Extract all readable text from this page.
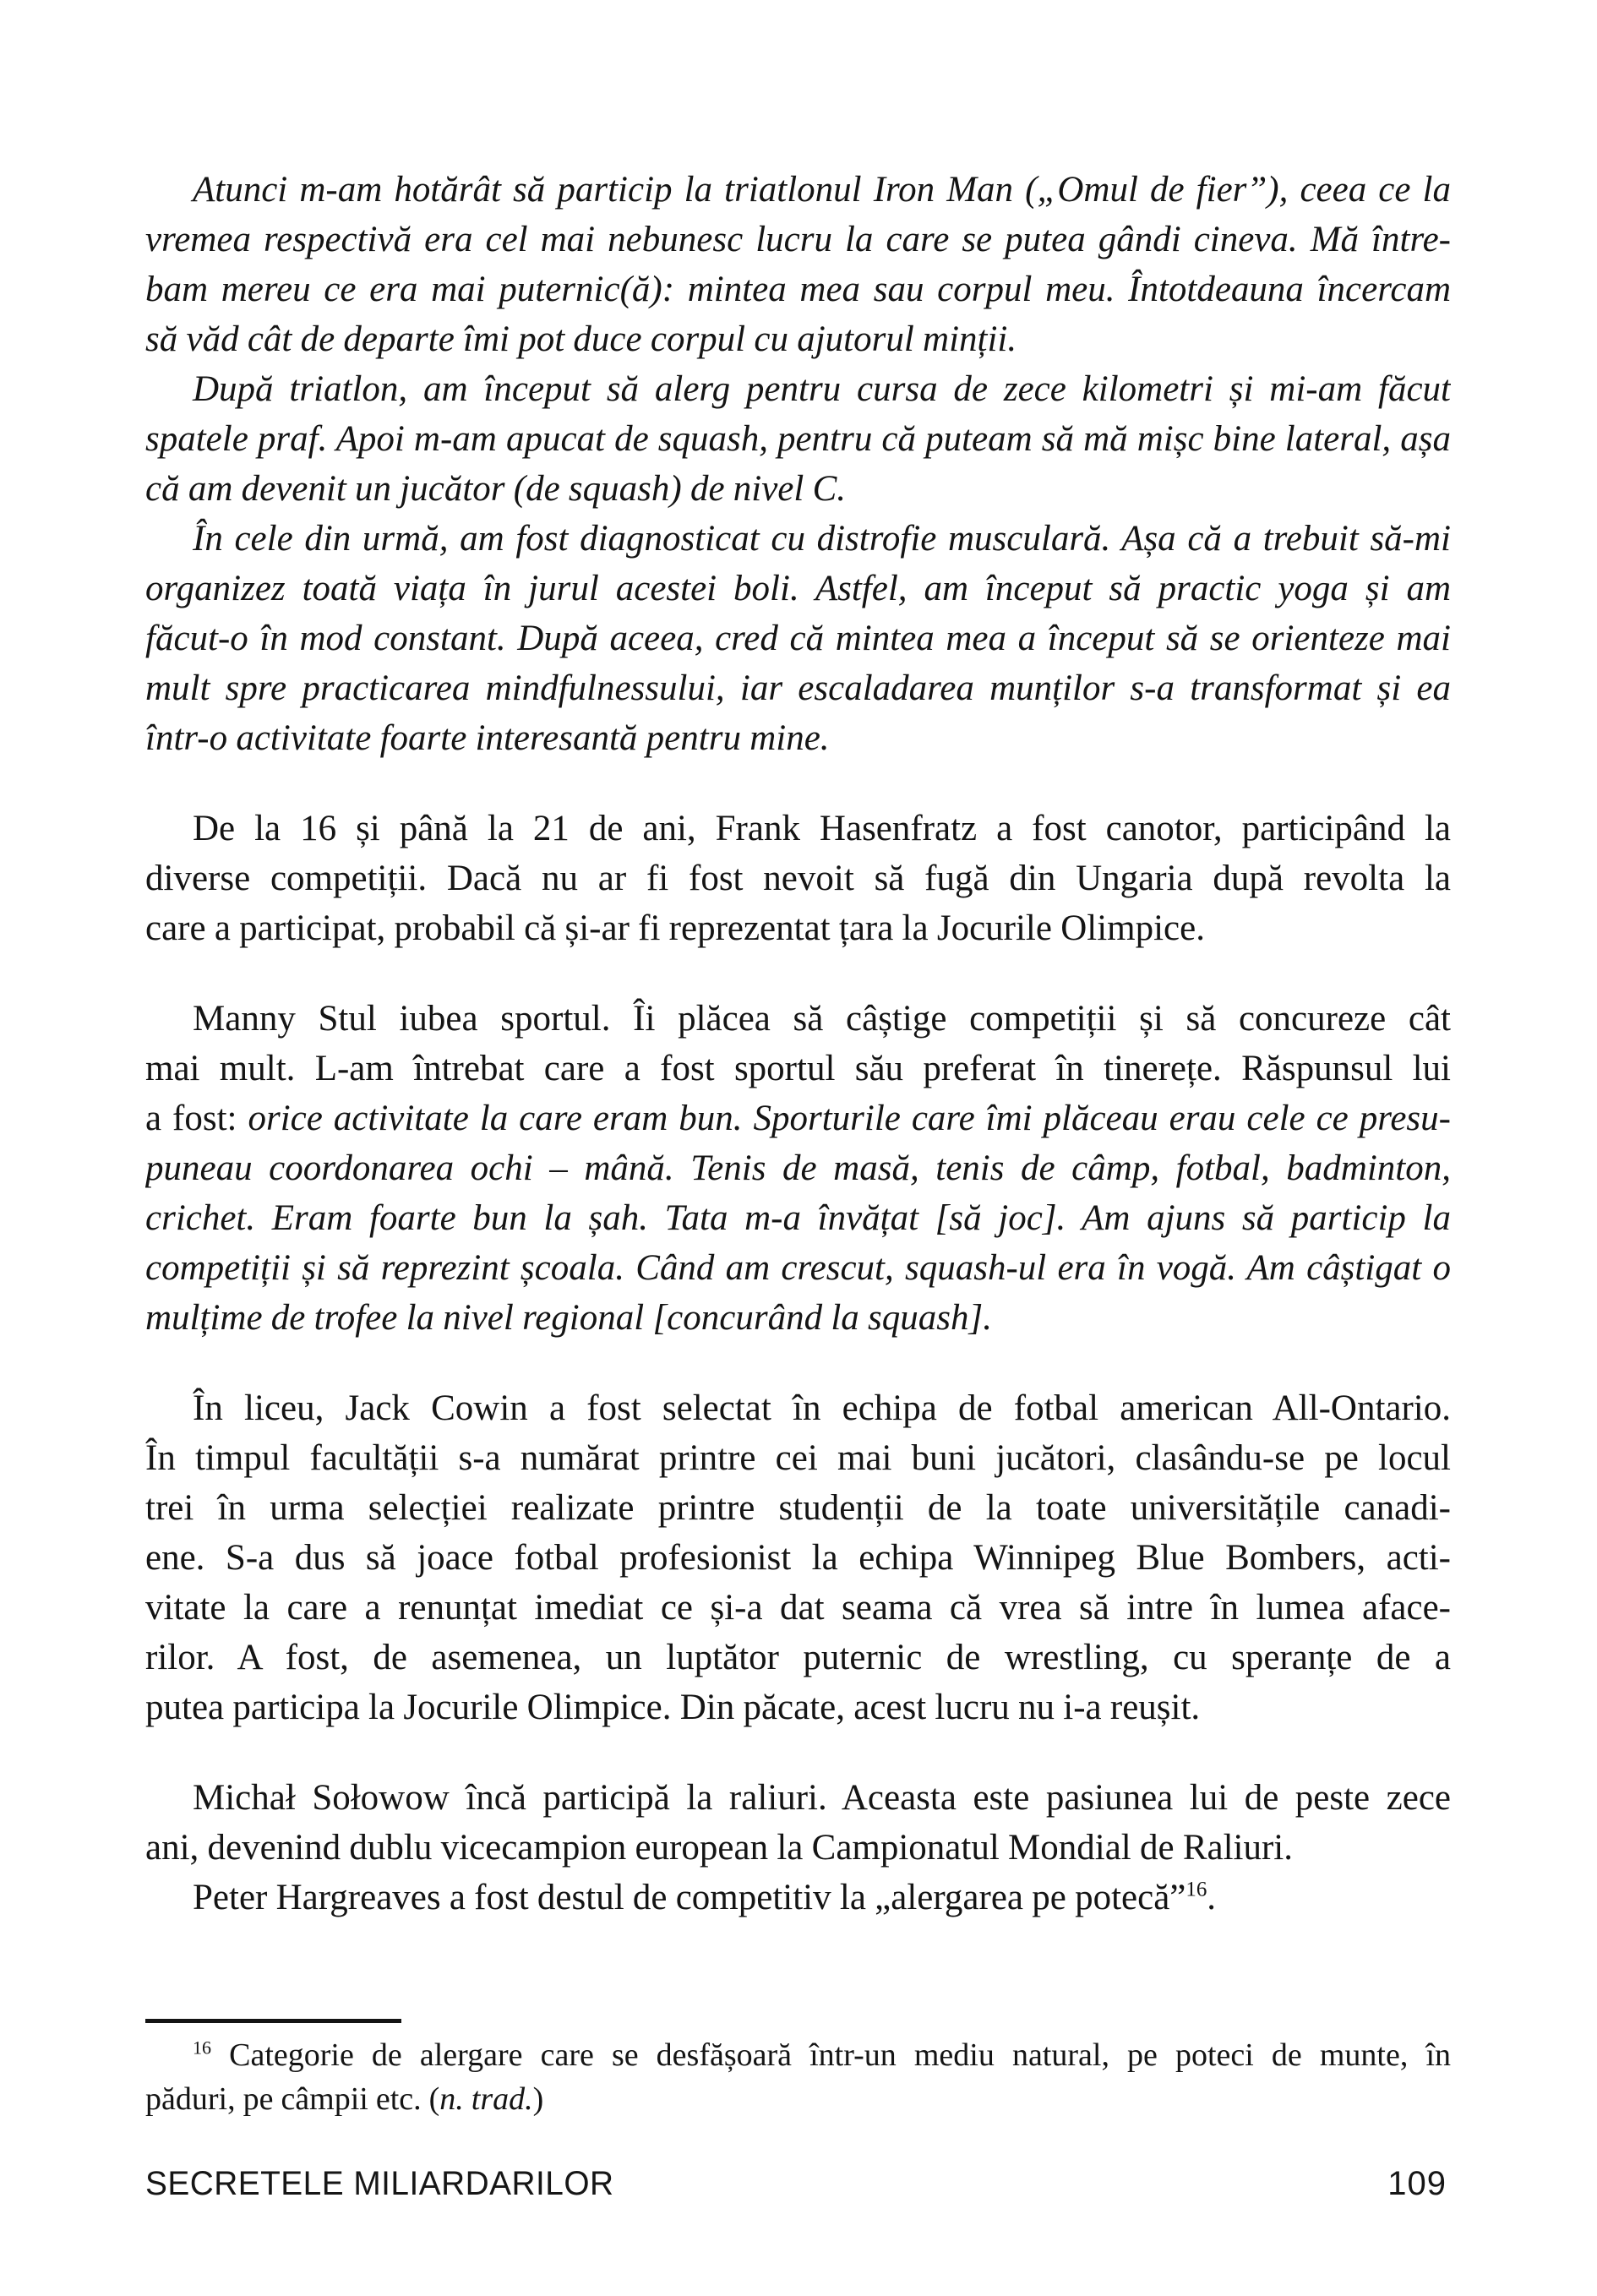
Atunci m-am hotărât să particip la triatlonul Iron Man („Omul de fier”), ceea ce la
vremea respectivă era cel mai nebunesc lucru la care se putea gândi cineva. Mă între-
bam mereu ce era mai puternic(ă): mintea mea sau corpul meu. Întotdeauna încercam
să văd cât de departe îmi pot duce corpul cu ajutorul minții.
După triatlon, am început să alerg pentru cursa de zece kilometri și mi-am făcut
spatele praf. Apoi m-am apucat de squash, pentru că puteam să mă mișc bine lateral, așa
că am devenit un jucător (de squash) de nivel C.
În cele din urmă, am fost diagnosticat cu distrofie musculară. Așa că a trebuit să-mi
organizez toată viața în jurul acestei boli. Astfel, am început să practic yoga și am
făcut-o în mod constant. După aceea, cred că mintea mea a început să se orienteze mai
mult spre practicarea mindfulnessului, iar escaladarea munților s-a transformat și ea
într-o activitate foarte interesantă pentru mine.
De la 16 și până la 21 de ani, Frank Hasenfratz a fost canotor, participând la
diverse competiții. Dacă nu ar fi fost nevoit să fugă din Ungaria după revolta la
care a participat, probabil că și-ar fi reprezentat țara la Jocurile Olimpice.
Manny Stul iubea sportul. Îi plăcea să câștige competiții și să concureze cât
mai mult. L-am întrebat care a fost sportul său preferat în tinerețe. Răspunsul lui
a fost: orice activitate la care eram bun. Sporturile care îmi plăceau erau cele ce presu-
puneau coordonarea ochi – mână. Tenis de masă, tenis de câmp, fotbal, badminton,
crichet. Eram foarte bun la șah. Tata m-a învățat [să joc]. Am ajuns să particip la
competiții și să reprezint școala. Când am crescut, squash-ul era în vogă. Am câștigat o
mulțime de trofee la nivel regional [concurând la squash].
În liceu, Jack Cowin a fost selectat în echipa de fotbal american All-Ontario.
În timpul facultății s-a numărat printre cei mai buni jucători, clasându-se pe locul
trei în urma selecției realizate printre studenții de la toate universitățile canadi-
ene. S-a dus să joace fotbal profesionist la echipa Winnipeg Blue Bombers, acti-
vitate la care a renunțat imediat ce și-a dat seama că vrea să intre în lumea aface-
rilor. A fost, de asemenea, un luptător puternic de wrestling, cu speranțe de a
putea participa la Jocurile Olimpice. Din păcate, acest lucru nu i-a reușit.
Michał Sołowow încă participă la raliuri. Aceasta este pasiunea lui de peste zece
ani, devenind dublu vicecampion european la Campionatul Mondial de Raliuri.
Peter Hargreaves a fost destul de competitiv la „alergarea pe potecă”$^{16}$.
$^{16}$ Categorie de alergare care se desfășoară într-un mediu natural, pe poteci de munte, în
păduri, pe câmpii etc. (n. trad.)
SECRETELE MILIARDARILOR	109
